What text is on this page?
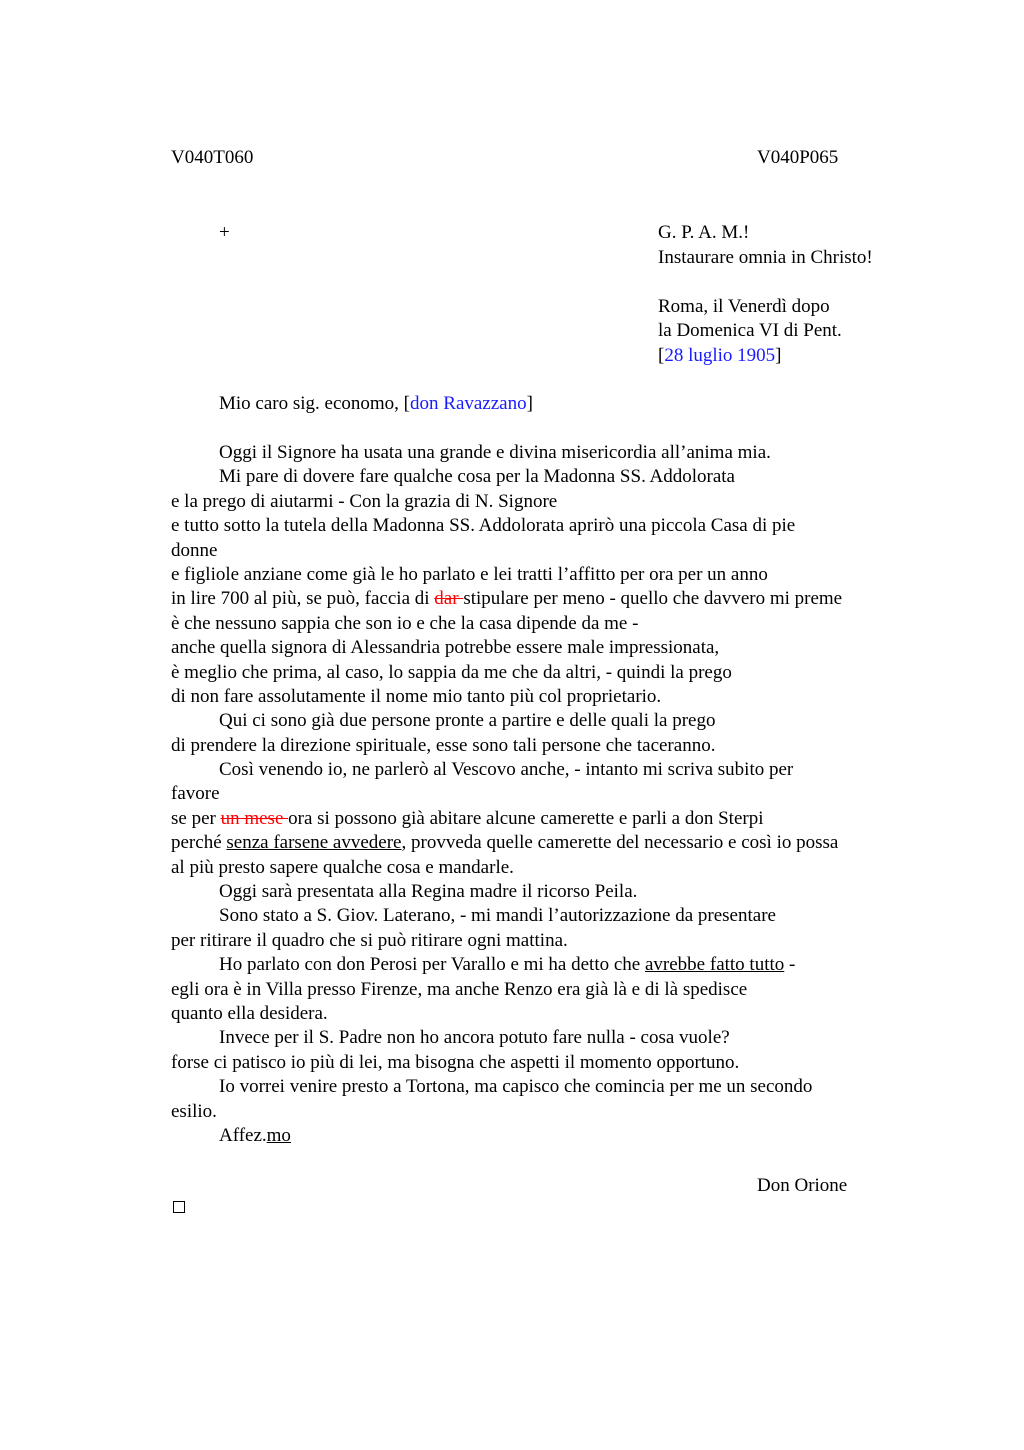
V040T060	V040P065
+	G. P. A. M.!
Instaurare omnia in Christo!
Roma, il Venerdì dopo
la Domenica VI di Pent.
[28 luglio 1905]
Mio caro sig. economo, [don Ravazzano]
Oggi il Signore ha usata una grande e divina misericordia all’anima mia.
Mi pare di dovere fare qualche cosa per la Madonna SS. Addolorata
e la prego di aiutarmi - Con la grazia di N. Signore
e tutto sotto la tutela della Madonna SS. Addolorata aprirò una piccola Casa di pie
donne
e figliole anziane come già le ho parlato e lei tratti l’affitto per ora per un anno
in lire 700 al più, se può, faccia di dar stipulare per meno - quello che davvero mi preme
è che nessuno sappia che son io e che la casa dipende da me -
anche quella signora di Alessandria potrebbe essere male impressionata,
è meglio che prima, al caso, lo sappia da me che da altri, - quindi la prego
di non fare assolutamente il nome mio tanto più col proprietario.
Qui ci sono già due persone pronte a partire e delle quali la prego
di prendere la direzione spirituale, esse sono tali persone che taceranno.
Così venendo io, ne parlerò al Vescovo anche, - intanto mi scriva subito per
favore
se per un mese ora si possono già abitare alcune camerette e parli a don Sterpi
perché senza farsene avvedere, provveda quelle camerette del necessario e così io possa
al più presto sapere qualche cosa e mandarle.
Oggi sarà presentata alla Regina madre il ricorso Peila.
Sono stato a S. Giov. Laterano, - mi mandi l’autorizzazione da presentare
per ritirare il quadro che si può ritirare ogni mattina.
Ho parlato con don Perosi per Varallo e mi ha detto che avrebbe fatto tutto -
egli ora è in Villa presso Firenze, ma anche Renzo era già là e di là spedisce
quanto ella desidera.
Invece per il S. Padre non ho ancora potuto fare nulla - cosa vuole?
forse ci patisco io più di lei, ma bisogna che aspetti il momento opportuno.
Io vorrei venire presto a Tortona, ma capisco che comincia per me un secondo
esilio.
Affez.mo
Don Orione
